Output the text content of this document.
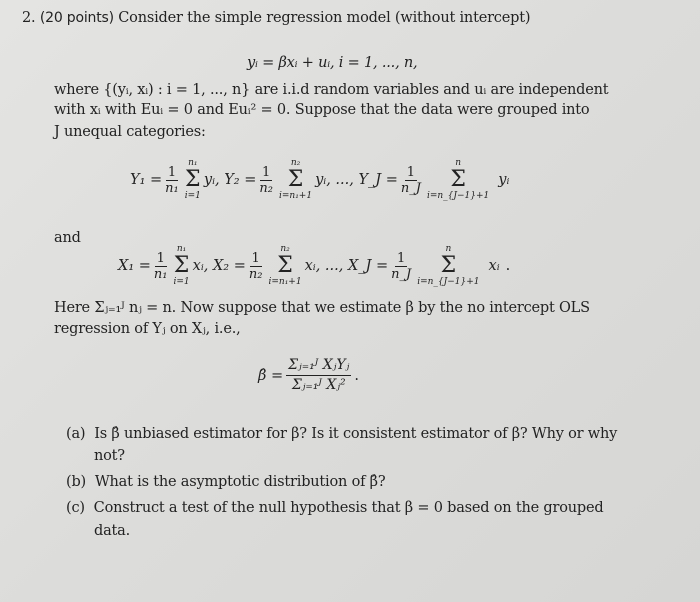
2. (20 points) Consider the simple regression model (without intercept)
yᵢ = βxᵢ + uᵢ, i = 1, ..., n,
where {(yᵢ, xᵢ) : i = 1, ..., n} are i.i.d random variables and uᵢ are independent
with xᵢ with Euᵢ = 0 and Euᵢ² = 0. Suppose that the data were grouped into
J unequal categories:
$Y_1 = \frac{1}{\text{n₁}}$
n₁
Σ
i=1
yᵢ , $Y_2 = \frac{1}{\text{n₂}}$
n₂
Σ
i=n₁+1
yᵢ , ..., Y_J = $\frac{1}{n\_J}$
n
Σ
i=n_{J−1}+1
yᵢ
and
$X_1 = \frac{1}{\text{n₁}}$
n₁
Σ
i=1
xᵢ , $X_2 = \frac{1}{\text{n₂}}$
n₂
Σ
i=n₁+1
xᵢ , ..., X_J = $\frac{1}{n\_J}$
n
Σ
i=n_{J−1}+1
xᵢ .
Here Σⱼ₌₁ᴶ nⱼ = n. Now suppose that we estimate β by the no intercept OLS
regression of Yⱼ on Xⱼ, i.e.,
β̂ = $\frac{\text{Σⱼ₌₁ᴶ XⱼYⱼ}}{\text{Σⱼ₌₁ᴶ Xⱼ²}}$ .
(a) Is β̂ unbiased estimator for β? Is it consistent estimator of β? Why or why
not?
(b) What is the asymptotic distribution of β̂?
(c) Construct a test of the null hypothesis that β = 0 based on the grouped
data.
